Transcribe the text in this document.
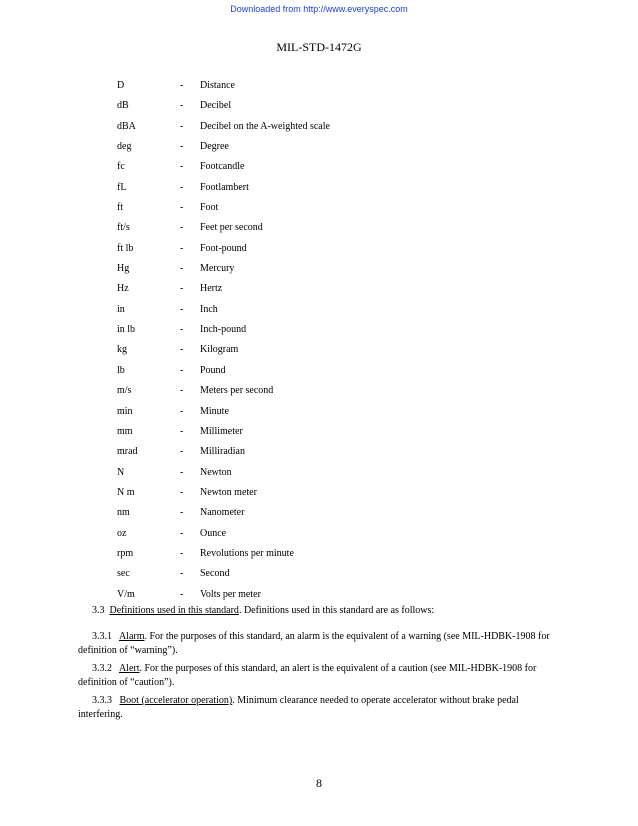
Downloaded from http://www.everyspec.com
MIL-STD-1472G
D	- Distance
dB	- Decibel
dBA	- Decibel on the A-weighted scale
deg	- Degree
fc	- Footcandle
fL	- Footlambert
ft	- Foot
ft/s	- Feet per second
ft lb	- Foot-pound
Hg	- Mercury
Hz	- Hertz
in	- Inch
in lb	- Inch-pound
kg	- Kilogram
lb	- Pound
m/s	- Meters per second
min	- Minute
mm	- Millimeter
mrad	- Milliradian
N	- Newton
N m	- Newton meter
nm	- Nanometer
oz	- Ounce
rpm	- Revolutions per minute
sec	- Second
V/m	- Volts per meter

3.3 Definitions used in this standard. Definitions used in this standard are as follows:

3.3.1 Alarm. For the purposes of this standard, an alarm is the equivalent of a warning (see MIL-HDBK-1908 for definition of “warning”).

3.3.2 Alert. For the purposes of this standard, an alert is the equivalent of a caution (see MIL-HDBK-1908 for definition of “caution”).

3.3.3 Boot (accelerator operation). Minimum clearance needed to operate accelerator without brake pedal interfering.

8
